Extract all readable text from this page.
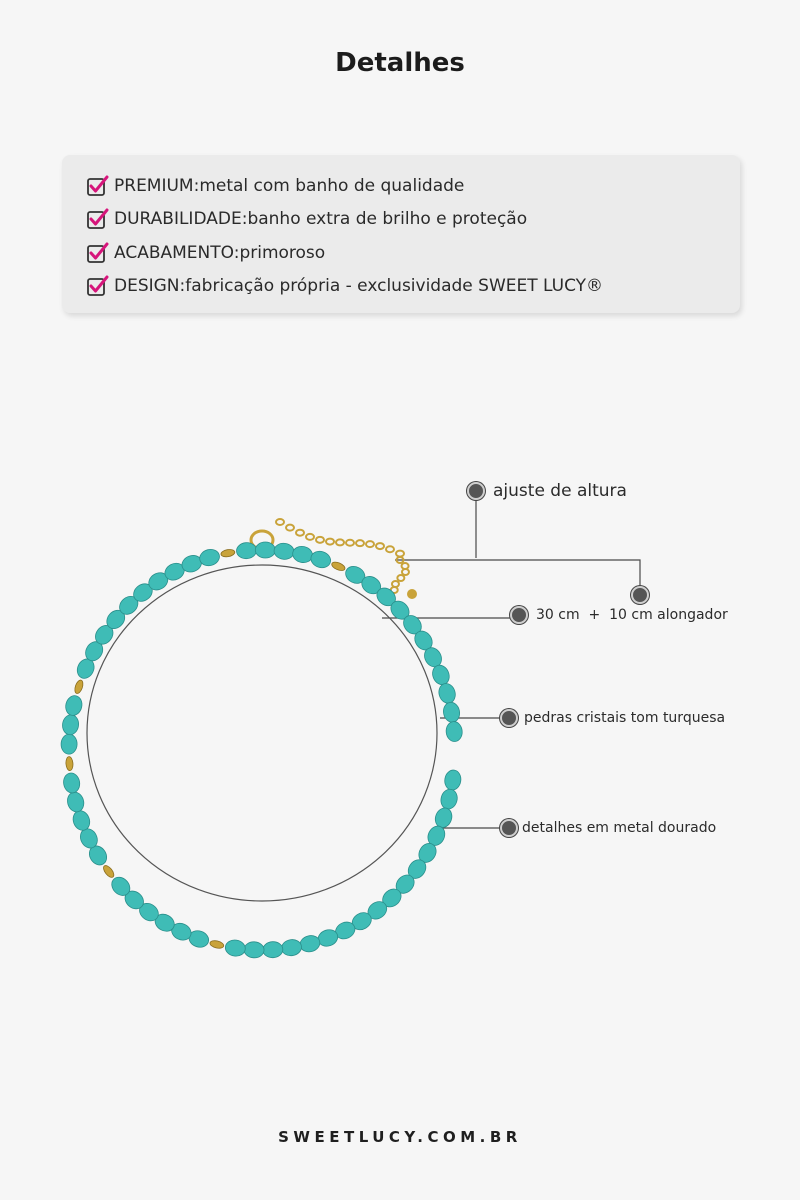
Detalhes
PREMIUM: metal com banho de qualidade
DURABILIDADE: banho extra de brilho e proteção
ACABAMENTO: primoroso
DESIGN: fabricação própria - exclusividade SWEET LUCY®
ajuste de altura
30 cm  +  10 cm alongador
pedras cristais tom turquesa
detalhes em metal dourado
SWEETLUCY.COM.BR
